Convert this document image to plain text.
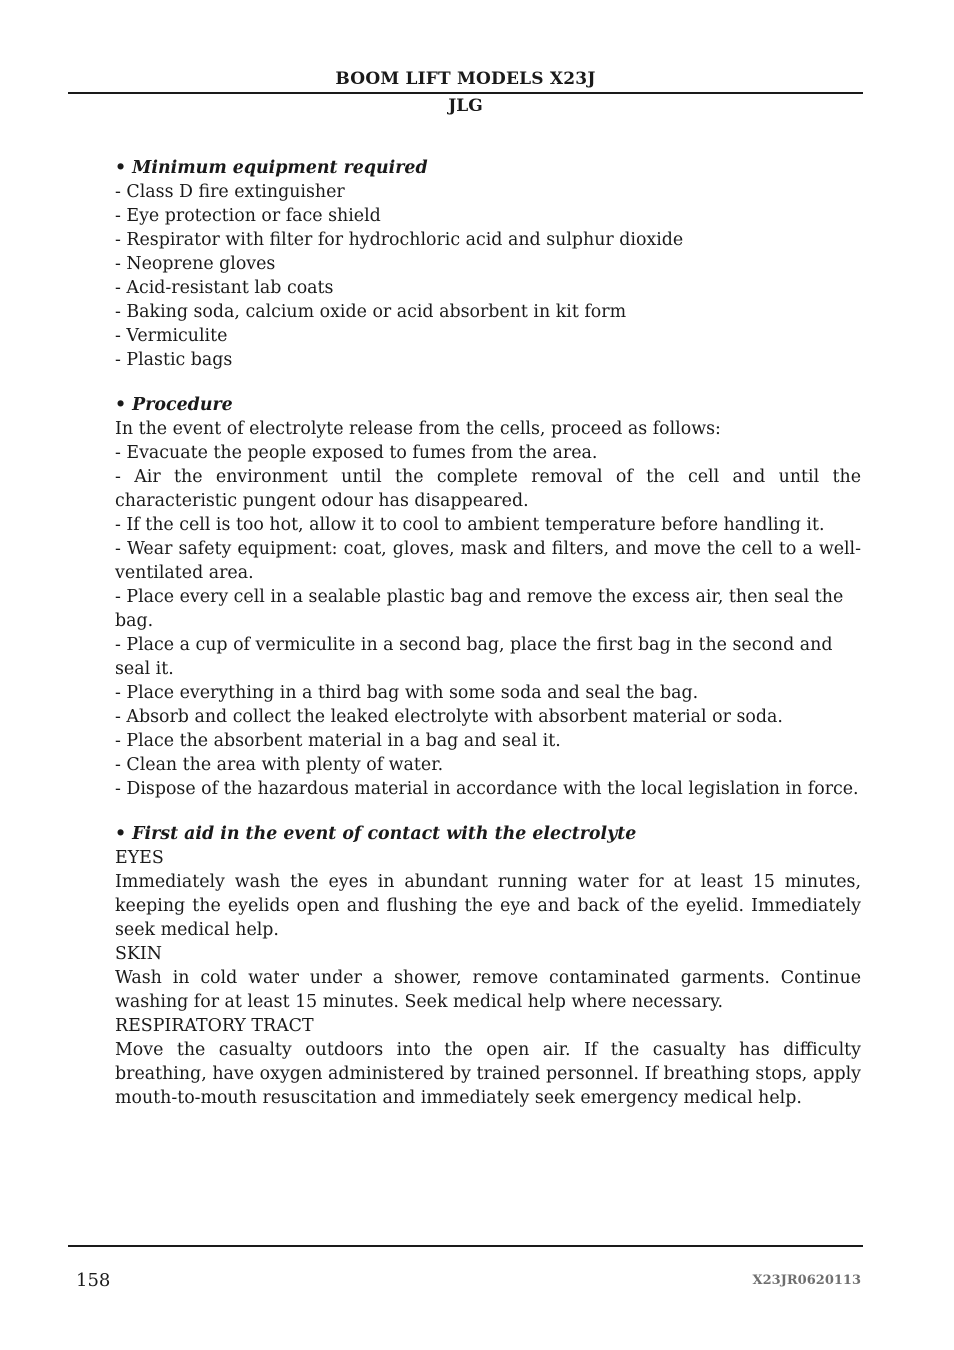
BOOM LIFT MODELS X23J
JLG

• Minimum equipment required

- Class D fire extinguisher

- Eye protection or face shield

- Respirator with filter for hydrochloric acid and sulphur dioxide

- Neoprene gloves

- Acid-resistant lab coats

- Baking soda, calcium oxide or acid absorbent in kit form

- Vermiculite

- Plastic bags

• Procedure

In the event of electrolyte release from the cells, proceed as follows:

- Evacuate the people exposed to fumes from the area.

- Air the environment until the complete removal of the cell and until the characteristic pungent odour has disappeared.

- If the cell is too hot, allow it to cool to ambient temperature before handling it.

- Wear safety equipment: coat, gloves, mask and filters, and move the cell to a well-ventilated area.

- Place every cell in a sealable plastic bag and remove the excess air, then seal the bag.

- Place a cup of vermiculite in a second bag, place the first bag in the second and seal it.

- Place everything in a third bag with some soda and seal the bag.

- Absorb and collect the leaked electrolyte with absorbent material or soda.

- Place the absorbent material in a bag and seal it.

- Clean the area with plenty of water.

- Dispose of the hazardous material in accordance with the local legislation in force.

• First aid in the event of contact with the electrolyte

EYES

Immediately wash the eyes in abundant running water for at least 15 minutes, keeping the eyelids open and flushing the eye and back of the eyelid. Immediately seek medical help.

SKIN

Wash in cold water under a shower, remove contaminated garments. Continue washing for at least 15 minutes. Seek medical help where necessary.

RESPIRATORY TRACT

Move the casualty outdoors into the open air. If the casualty has difficulty breathing, have oxygen administered by trained personnel. If breathing stops, apply mouth-to-mouth resuscitation and immediately seek emergency medical help.

158	X23JR0620113
